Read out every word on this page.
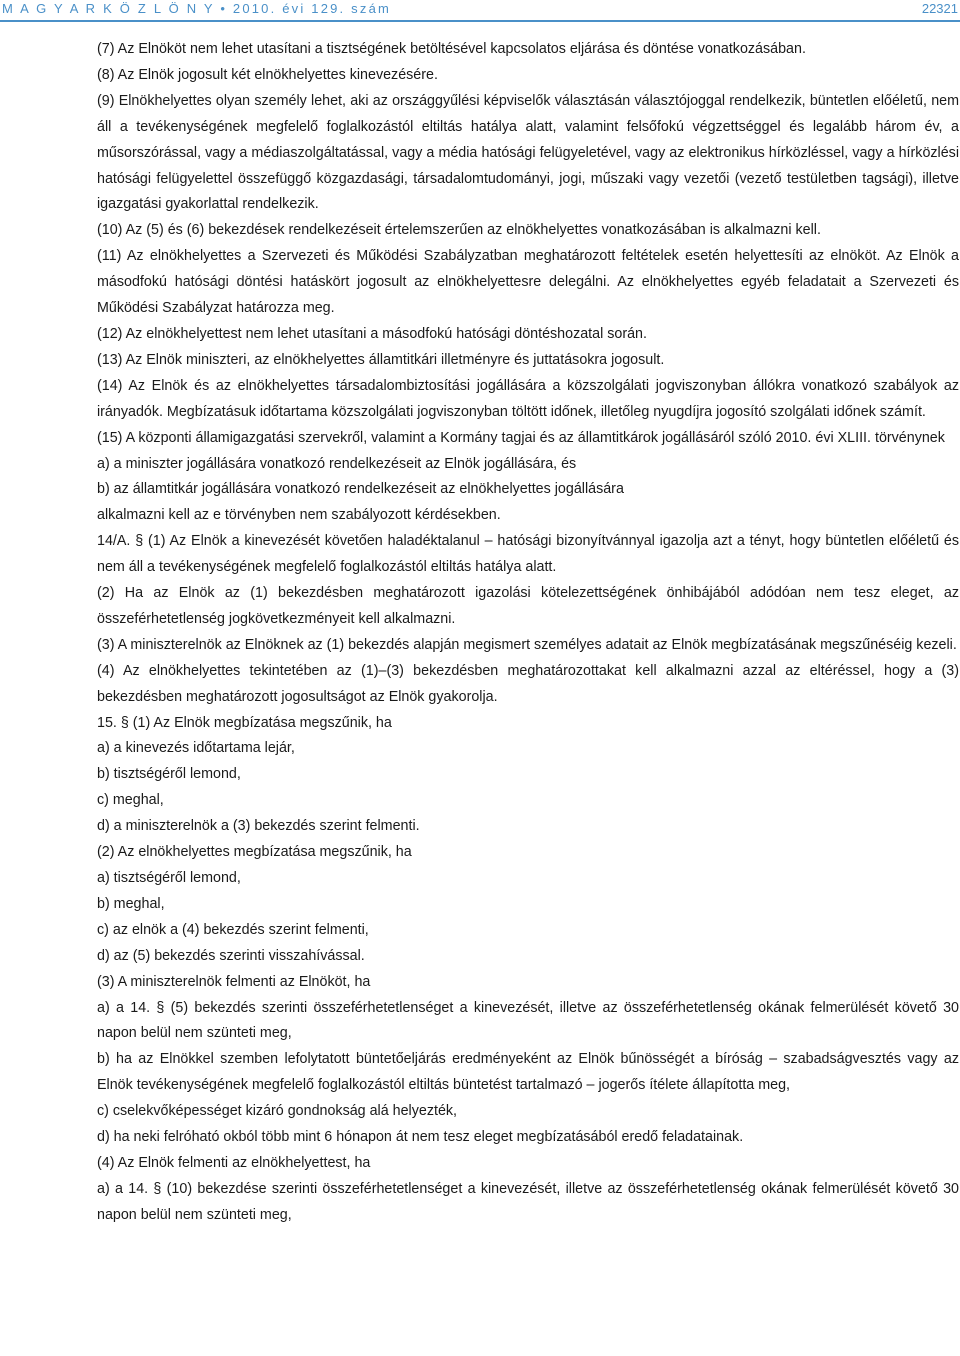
M A G Y A R K Ö Z L Ö N Y • 2010. évi 129. szám	22321

(7) Az Elnököt nem lehet utasítani a tisztségének betöltésével kapcsolatos eljárása és döntése vonatkozásában.

(8) Az Elnök jogosult két elnökhelyettes kinevezésére.

(9) Elnökhelyettes olyan személy lehet, aki az országgyűlési képviselők választásán választójoggal rendelkezik, büntetlen előéletű, nem áll a tevékenységének megfelelő foglalkozástól eltiltás hatálya alatt, valamint felsőfokú végzettséggel és legalább három év, a műsorszórással, vagy a médiaszolgáltatással, vagy a média hatósági felügyeletével, vagy az elektronikus hírközléssel, vagy a hírközlési hatósági felügyelettel összefüggő közgazdasági, társadalomtudományi, jogi, műszaki vagy vezetői (vezető testületben tagsági), illetve igazgatási gyakorlattal rendelkezik.

(10) Az (5) és (6) bekezdések rendelkezéseit értelemszerűen az elnökhelyettes vonatkozásában is alkalmazni kell.

(11) Az elnökhelyettes a Szervezeti és Működési Szabályzatban meghatározott feltételek esetén helyettesíti az elnököt. Az Elnök a másodfokú hatósági döntési hatáskört jogosult az elnökhelyettesre delegálni. Az elnökhelyettes egyéb feladatait a Szervezeti és Működési Szabályzat határozza meg.

(12) Az elnökhelyettest nem lehet utasítani a másodfokú hatósági döntéshozatal során.

(13) Az Elnök miniszteri, az elnökhelyettes államtitkári illetményre és juttatásokra jogosult.

(14) Az Elnök és az elnökhelyettes társadalombiztosítási jogállására a közszolgálati jogviszonyban állókra vonatkozó szabályok az irányadók. Megbízatásuk időtartama közszolgálati jogviszonyban töltött időnek, illetőleg nyugdíjra jogosító szolgálati időnek számít.

(15) A központi államigazgatási szervekről, valamint a Kormány tagjai és az államtitkárok jogállásáról szóló 2010. évi XLIII. törvénynek

a) a miniszter jogállására vonatkozó rendelkezéseit az Elnök jogállására, és

b) az államtitkár jogállására vonatkozó rendelkezéseit az elnökhelyettes jogállására

alkalmazni kell az e törvényben nem szabályozott kérdésekben.

14/A. § (1) Az Elnök a kinevezését követően haladéktalanul – hatósági bizonyítvánnyal igazolja azt a tényt, hogy büntetlen előéletű és nem áll a tevékenységének megfelelő foglalkozástól eltiltás hatálya alatt.

(2) Ha az Elnök az (1) bekezdésben meghatározott igazolási kötelezettségének önhibájából adódóan nem tesz eleget, az összeférhetetlenség jogkövetkezményeit kell alkalmazni.

(3) A miniszterelnök az Elnöknek az (1) bekezdés alapján megismert személyes adatait az Elnök megbízatásának megszűnéséig kezeli.

(4) Az elnökhelyettes tekintetében az (1)–(3) bekezdésben meghatározottakat kell alkalmazni azzal az eltéréssel, hogy a (3) bekezdésben meghatározott jogosultságot az Elnök gyakorolja.

15. § (1) Az Elnök megbízatása megszűnik, ha

a) a kinevezés időtartama lejár,

b) tisztségéről lemond,

c) meghal,

d) a miniszterelnök a (3) bekezdés szerint felmenti.

(2) Az elnökhelyettes megbízatása megszűnik, ha

a) tisztségéről lemond,

b) meghal,

c) az elnök a (4) bekezdés szerint felmenti,

d) az (5) bekezdés szerinti visszahívással.

(3) A miniszterelnök felmenti az Elnököt, ha

a) a 14. § (5) bekezdés szerinti összeférhetetlenséget a kinevezését, illetve az összeférhetetlenség okának felmerülését követő 30 napon belül nem szünteti meg,

b) ha az Elnökkel szemben lefolytatott büntetőeljárás eredményeként az Elnök bűnösségét a bíróság – szabadságvesztés vagy az Elnök tevékenységének megfelelő foglalkozástól eltiltás büntetést tartalmazó – jogerős ítélete állapította meg,

c) cselekvőképességet kizáró gondnokság alá helyezték,

d) ha neki felróható okból több mint 6 hónapon át nem tesz eleget megbízatásából eredő feladatainak.

(4) Az Elnök felmenti az elnökhelyettest, ha

a) a 14. § (10) bekezdése szerinti összeférhetetlenséget a kinevezését, illetve az összeférhetetlenség okának felmerülését követő 30 napon belül nem szünteti meg,
